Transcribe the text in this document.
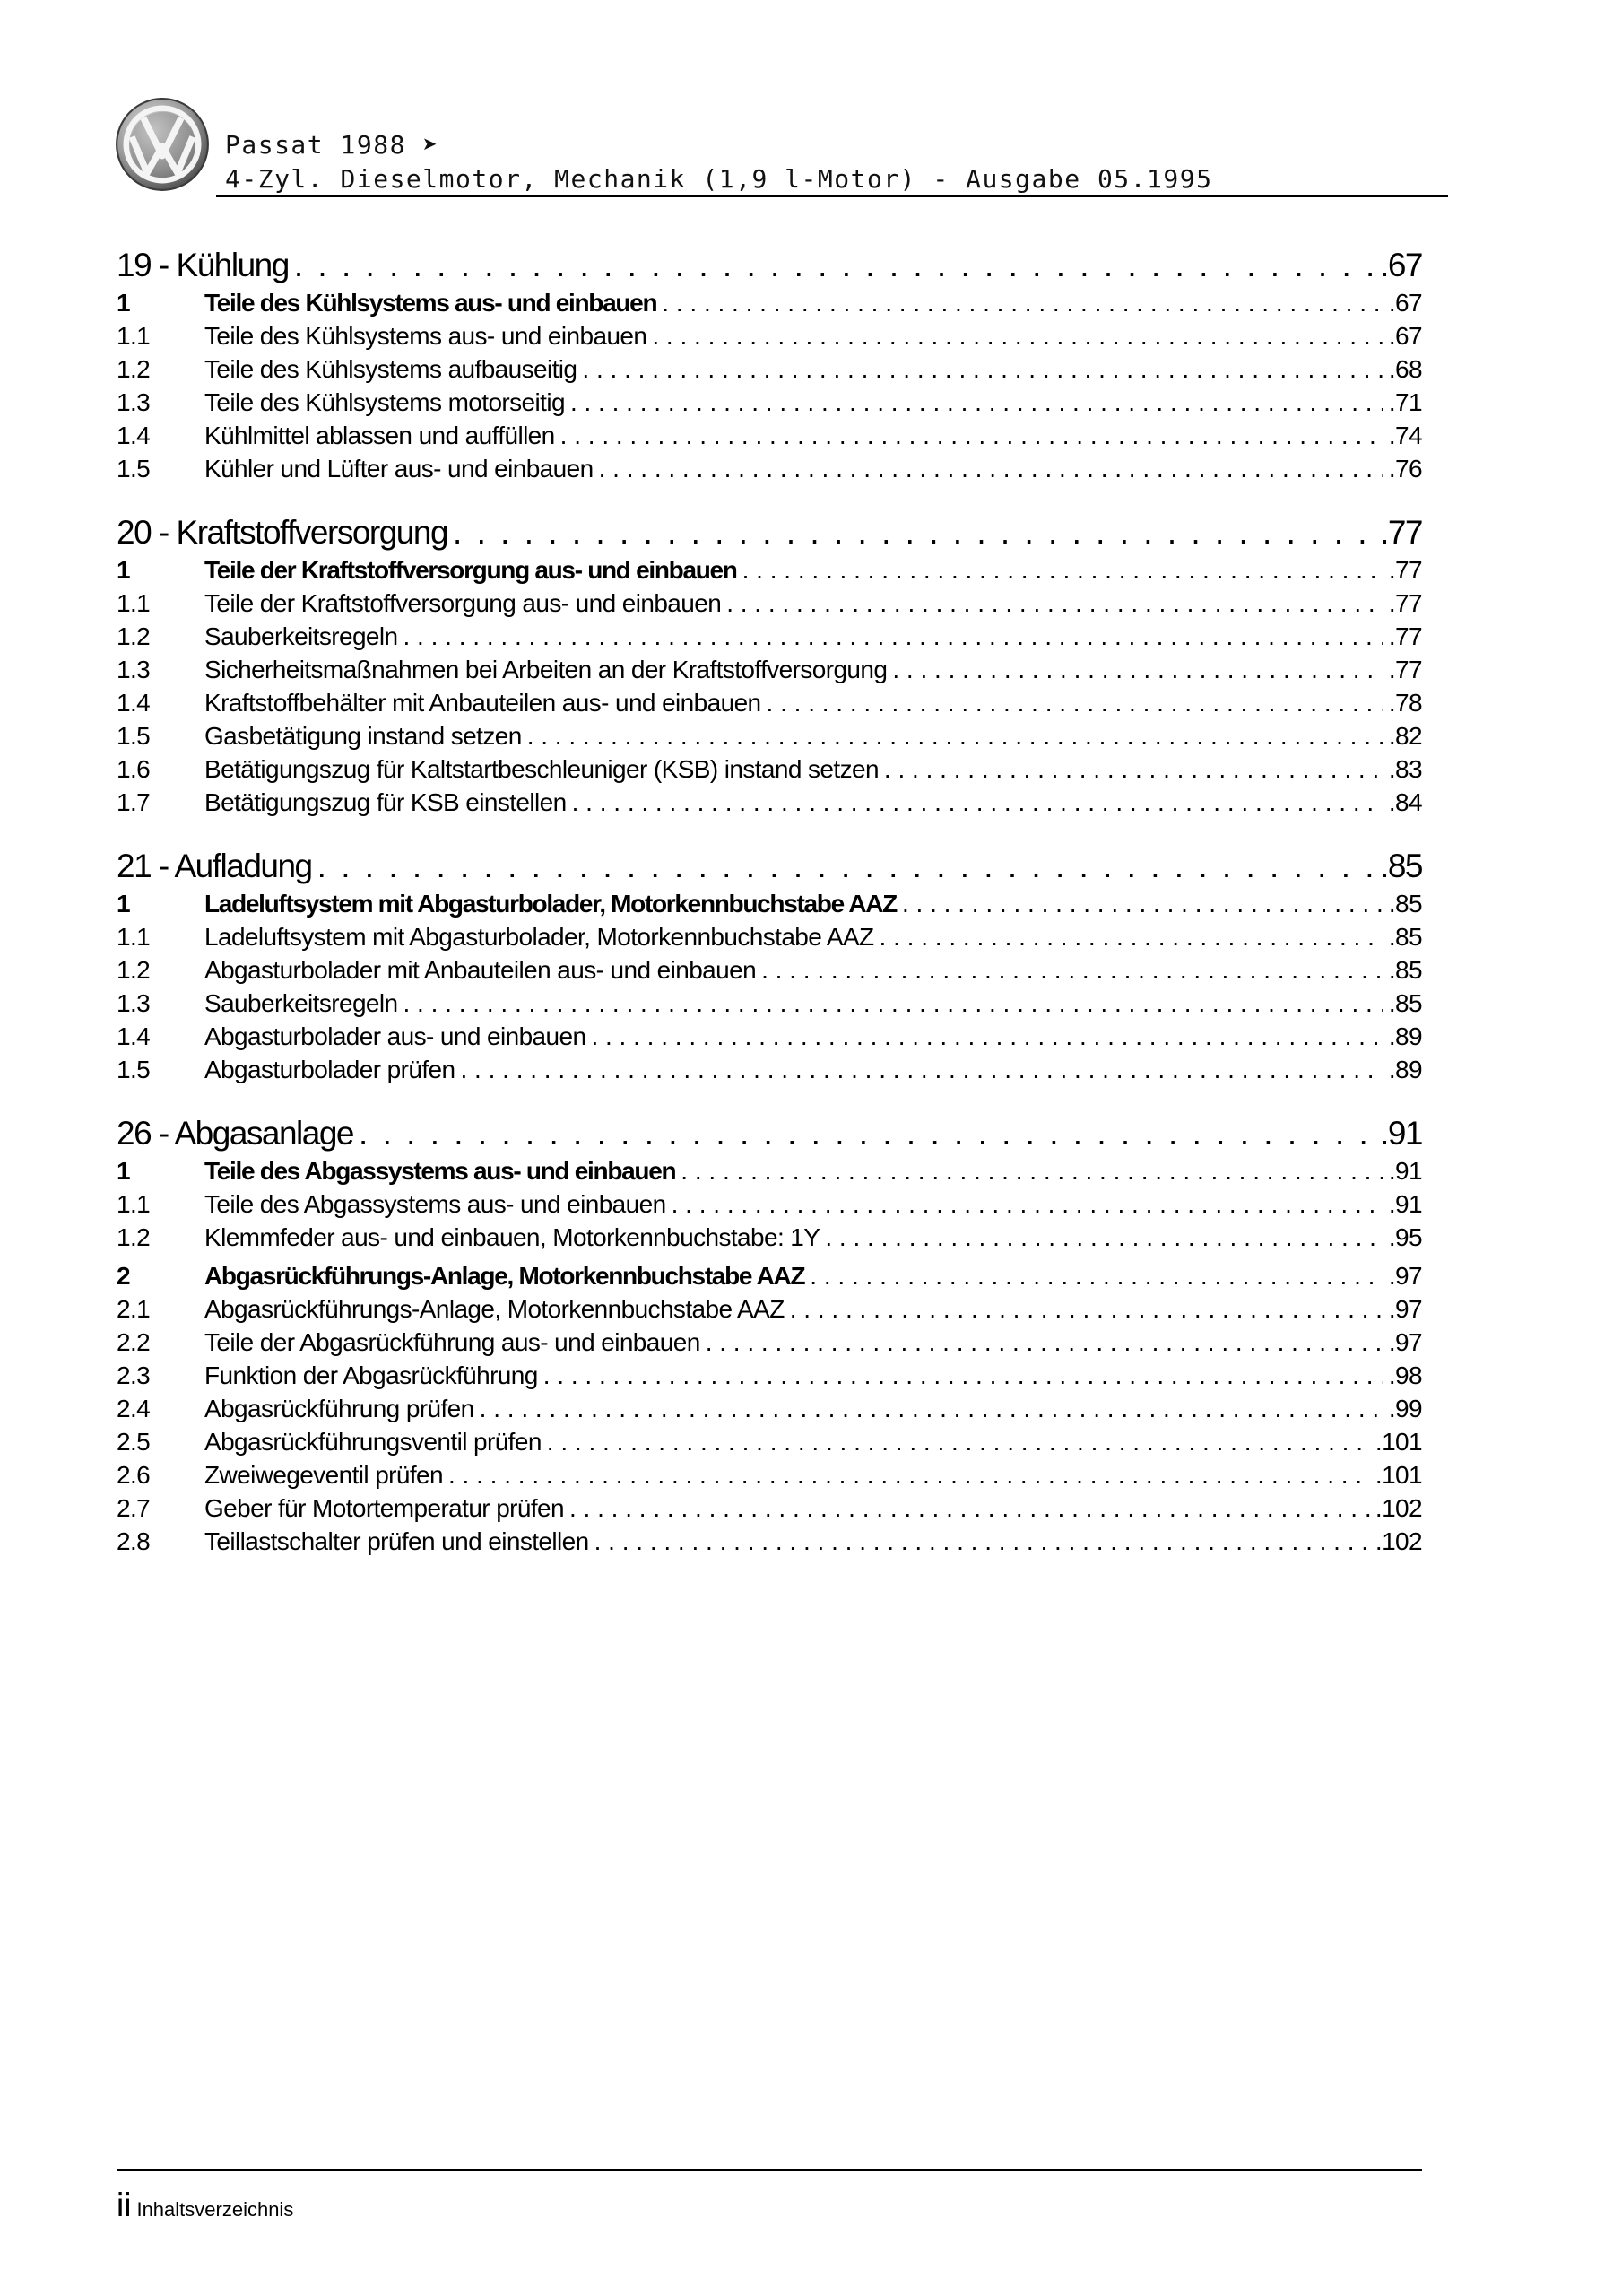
Passat 1988 ➤
4-Zyl. Dieselmotor, Mechanik (1,9 l-Motor) - Ausgabe 05.1995
19 - Kühlung . . .	.67
1	Teile des Kühlsystems aus- und einbauen . . .	.67
1.1	Teile des Kühlsystems aus- und einbauen . . .	.67
1.2	Teile des Kühlsystems aufbauseitig . . .	.68
1.3	Teile des Kühlsystems motorseitig . . .	.71
1.4	Kühlmittel ablassen und auffüllen . . .	.74
1.5	Kühler und Lüfter aus- und einbauen . . .	.76
20 - Kraftstoffversorgung . . .	.77
1	Teile der Kraftstoffversorgung aus- und einbauen . . .	.77
1.1	Teile der Kraftstoffversorgung aus- und einbauen . . .	.77
1.2	Sauberkeitsregeln . . .	.77
1.3	Sicherheitsmaßnahmen bei Arbeiten an der Kraftstoffversorgung . . .	.77
1.4	Kraftstoffbehälter mit Anbauteilen aus- und einbauen . . .	.78
1.5	Gasbetätigung instand setzen . . .	.82
1.6	Betätigungszug für Kaltstartbeschleuniger (KSB) instand setzen . . .	.83
1.7	Betätigungszug für KSB einstellen . . .	.84
21 - Aufladung . . .	.85
1	Ladeluftsystem mit Abgasturbolader, Motorkennbuchstabe AAZ . . .	.85
1.1	Ladeluftsystem mit Abgasturbolader, Motorkennbuchstabe AAZ . . .	.85
1.2	Abgasturbolader mit Anbauteilen aus- und einbauen . . .	.85
1.3	Sauberkeitsregeln . . .	.85
1.4	Abgasturbolader aus- und einbauen . . .	.89
1.5	Abgasturbolader prüfen . . .	.89
26 - Abgasanlage . . .	.91
1	Teile des Abgassystems aus- und einbauen . . .	.91
1.1	Teile des Abgassystems aus- und einbauen . . .	.91
1.2	Klemmfeder aus- und einbauen, Motorkennbuchstabe: 1Y . . .	.95
2	Abgasrückführungs-Anlage, Motorkennbuchstabe AAZ . . .	.97
2.1	Abgasrückführungs-Anlage, Motorkennbuchstabe AAZ . . .	.97
2.2	Teile der Abgasrückführung aus- und einbauen . . .	.97
2.3	Funktion der Abgasrückführung . . .	.98
2.4	Abgasrückführung prüfen . . .	.99
2.5	Abgasrückführungsventil prüfen . . .	.101
2.6	Zweiwegeventil prüfen . . .	.101
2.7	Geber für Motortemperatur prüfen . . .	.102
2.8	Teillastschalter prüfen und einstellen . . .	.102
ii Inhaltsverzeichnis
